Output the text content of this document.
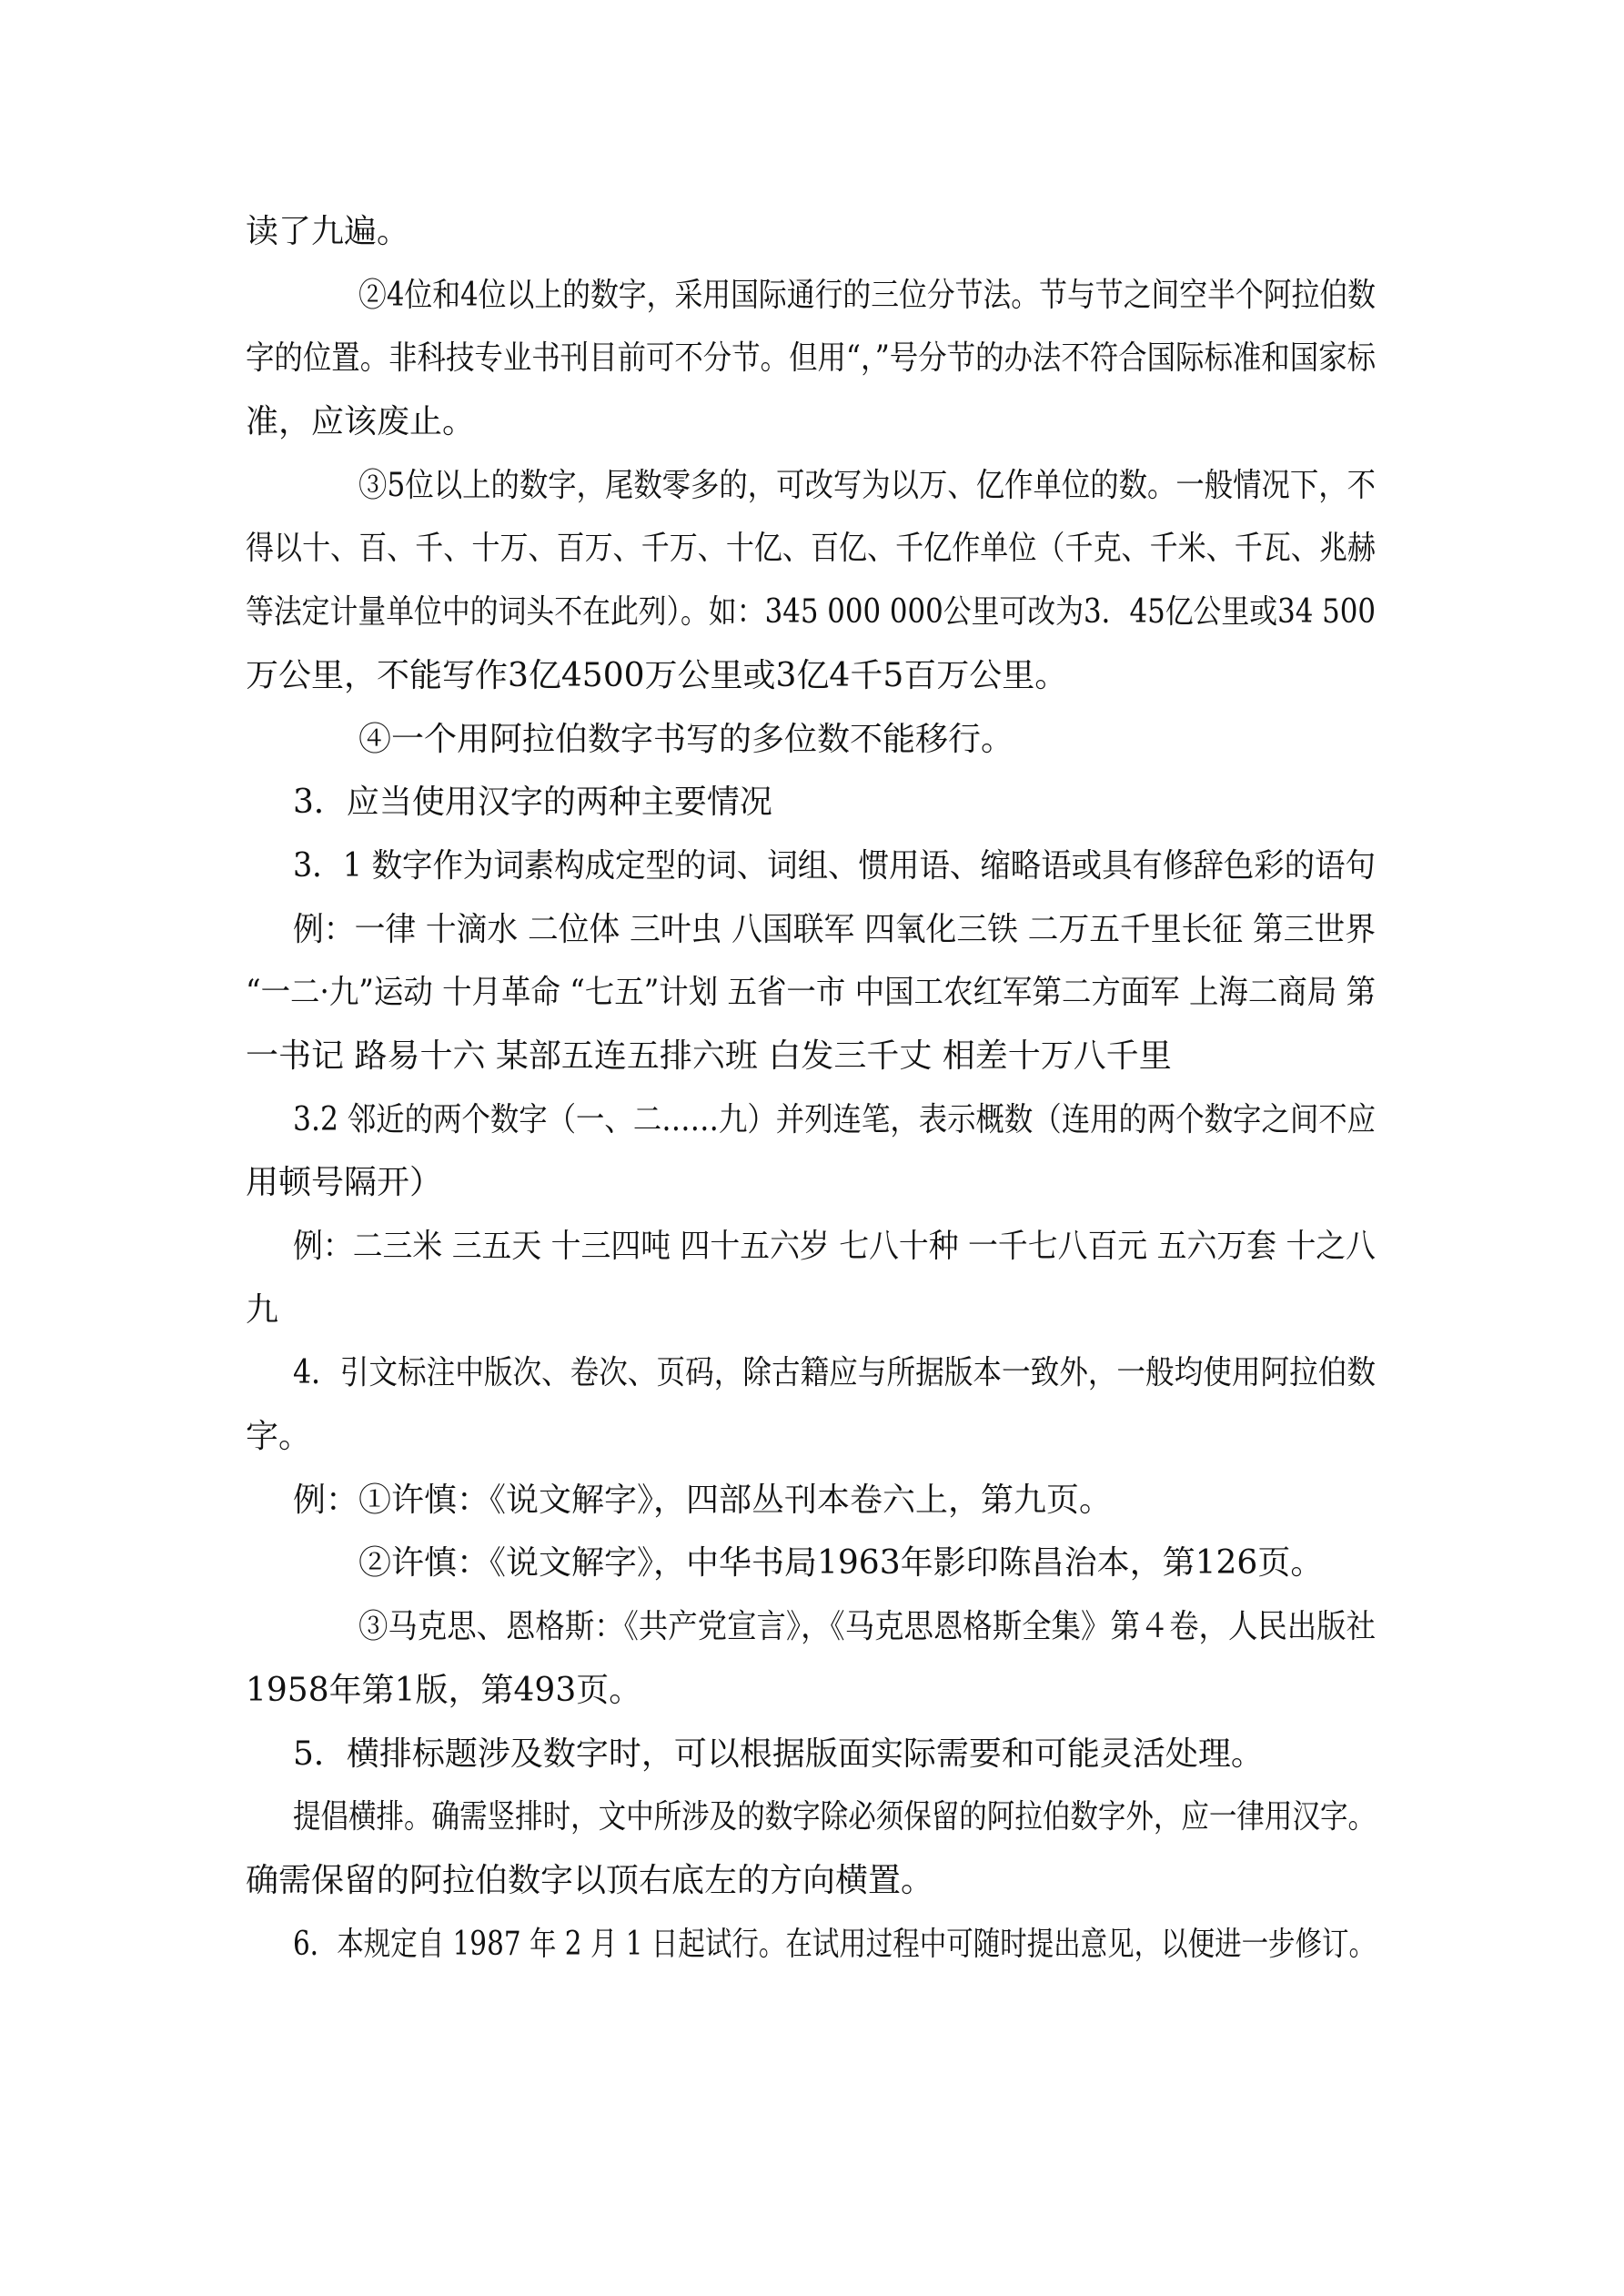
读了九遍。
②4位和4位以上的数字，采用国际通行的三位分节法。节与节之间空半个阿拉伯数
字的位置。非科技专业书刊目前可不分节。但用“，”号分节的办法不符合国际标准和国家标
准，应该废止。
③5位以上的数字，尾数零多的，可改写为以万、亿作单位的数。一般情况下，不
得以十、百、千、十万、百万、千万、十亿、百亿、千亿作单位（千克、千米、千瓦、兆赫
等法定计量单位中的词头不在此列）。如：345 000 000公里可改为3．45亿公里或34 500
万公里，不能写作3亿4500万公里或3亿4千5百万公里。
④一个用阿拉伯数字书写的多位数不能移行。
3．应当使用汉字的两种主要情况
3．1 数字作为词素构成定型的词、词组、惯用语、缩略语或具有修辞色彩的语句
例：一律 十滴水 二位体 三叶虫 八国联军 四氧化三铁 二万五千里长征 第三世界
“一二·九”运动 十月革命 “七五”计划 五省一市 中国工农红军第二方面军 上海二商局 第
一书记 路易十六 某部五连五排六班 白发三千丈 相差十万八千里
3.2 邻近的两个数字（一、二……九）并列连笔，表示概数（连用的两个数字之间不应
用顿号隔开）
例：二三米 三五天 十三四吨 四十五六岁 七八十种 一千七八百元 五六万套 十之八
九
4．引文标注中版次、卷次、页码，除古籍应与所据版本一致外，一般均使用阿拉伯数
字。
例：①许慎：《说文解字》，四部丛刊本卷六上，第九页。
②许慎：《说文解字》，中华书局1963年影印陈昌治本，第126页。
③马克思、恩格斯：《共产党宣言》，《马克思恩格斯全集》第４卷，人民出版社
1958年第1版，第493页。
5．横排标题涉及数字时，可以根据版面实际需要和可能灵活处理。
提倡横排。确需竖排时，文中所涉及的数字除必须保留的阿拉伯数字外，应一律用汉字。
确需保留的阿拉伯数字以顶右底左的方向横置。
6．本规定自 1987 年 2 月 1 日起试行。在试用过程中可随时提出意见，以便进一步修订。
